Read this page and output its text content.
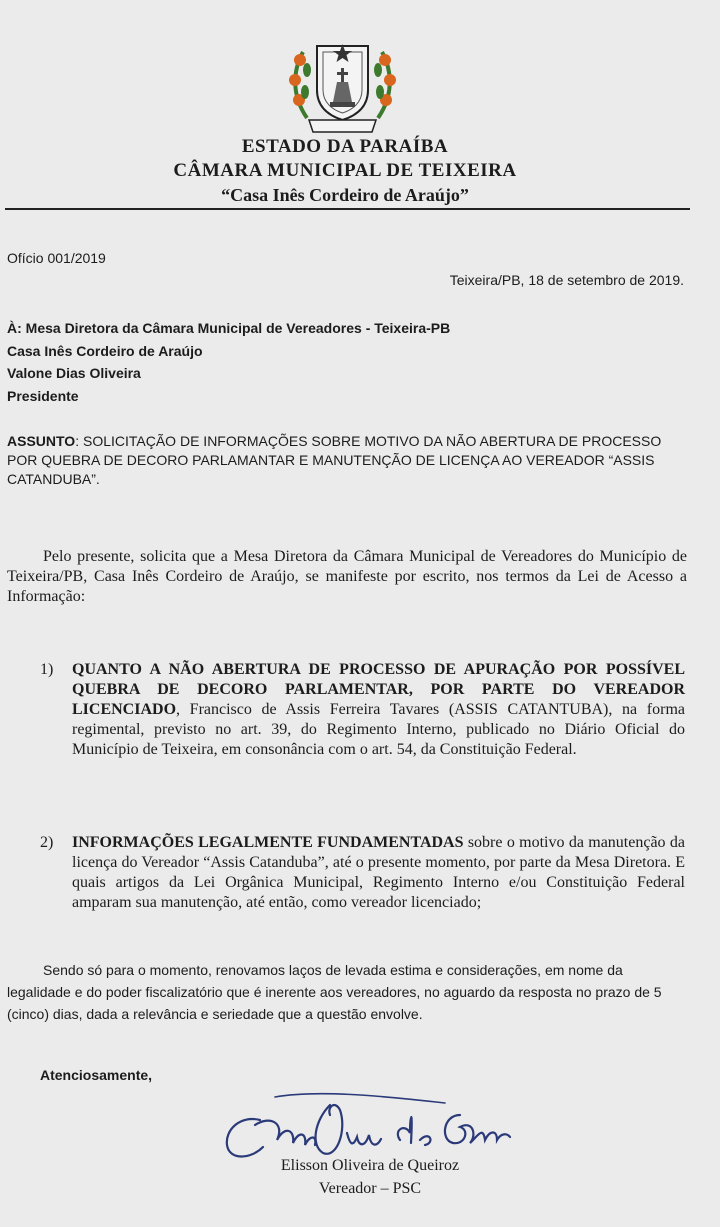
ESTADO DA PARAÍBA
CÂMARA MUNICIPAL DE TEIXEIRA
“Casa Inês Cordeiro de Araújo”
Ofício 001/2019
Teixeira/PB, 18 de setembro de 2019.
À: Mesa Diretora da Câmara Municipal de Vereadores - Teixeira-PB
Casa Inês Cordeiro de Araújo
Valone Dias Oliveira
Presidente
ASSUNTO: SOLICITAÇÃO DE INFORMAÇÕES SOBRE MOTIVO DA NÃO ABERTURA DE PROCESSO POR QUEBRA DE DECORO PARLAMANTAR E MANUTENÇÃO DE LICENÇA AO VEREADOR “ASSIS CATANDUBA”.
Pelo presente, solicita que a Mesa Diretora da Câmara Municipal de Vereadores do Município de Teixeira/PB, Casa Inês Cordeiro de Araújo, se manifeste por escrito, nos termos da Lei de Acesso a Informação:
1) QUANTO A NÃO ABERTURA DE PROCESSO DE APURAÇÃO POR POSSÍVEL QUEBRA DE DECORO PARLAMENTAR, POR PARTE DO VEREADOR LICENCIADO, Francisco de Assis Ferreira Tavares (ASSIS CATANTUBA), na forma regimental, previsto no art. 39, do Regimento Interno, publicado no Diário Oficial do Município de Teixeira, em consonância com o art. 54, da Constituição Federal.
2) INFORMAÇÕES LEGALMENTE FUNDAMENTADAS sobre o motivo da manutenção da licença do Vereador “Assis Catanduba”, até o presente momento, por parte da Mesa Diretora. E quais artigos da Lei Orgânica Municipal, Regimento Interno e/ou Constituição Federal amparam sua manutenção, até então, como vereador licenciado;
Sendo só para o momento, renovamos laços de levada estima e considerações, em nome da legalidade e do poder fiscalizatório que é inerente aos vereadores, no aguardo da resposta no prazo de 5 (cinco) dias, dada a relevância e seriedade que a questão envolve.
Atenciosamente,
Elisson Oliveira de Queiroz
Vereador – PSC
